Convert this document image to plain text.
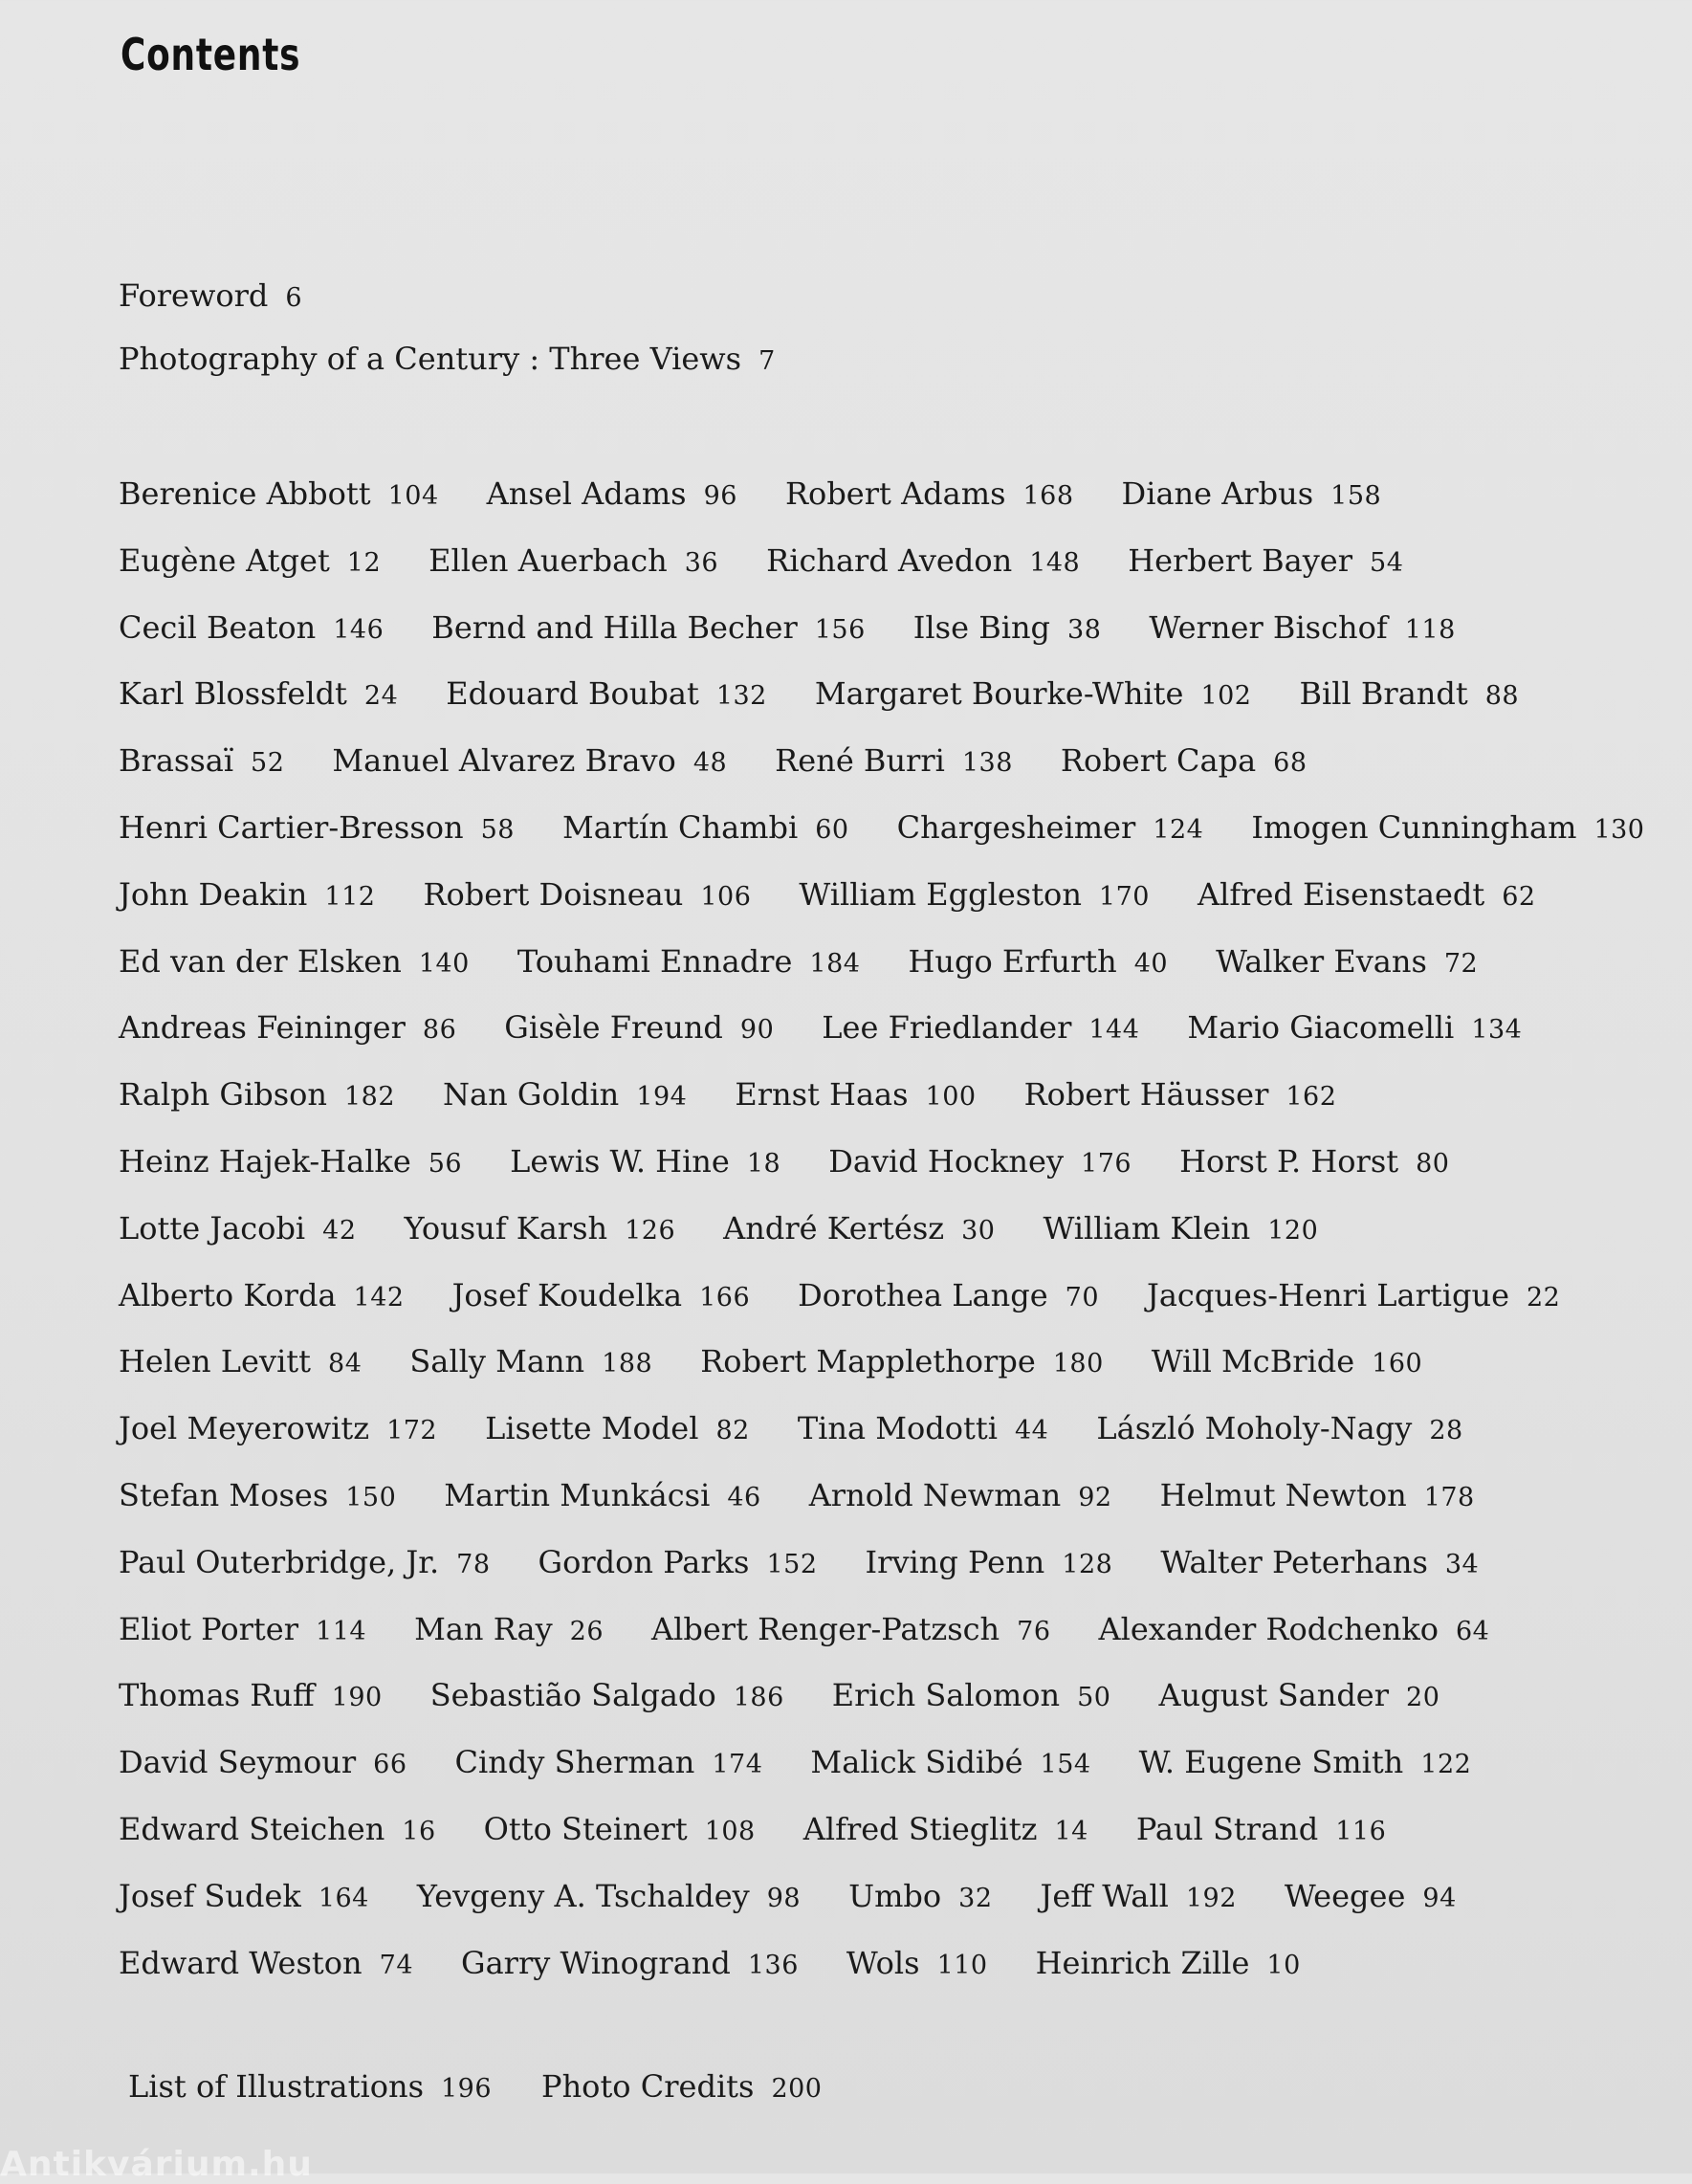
Contents
Foreword 6
Photography of a Century : Three Views 7
Berenice Abbott 104 Ansel Adams 96 Robert Adams 168 Diane Arbus 158
Eugène Atget 12 Ellen Auerbach 36 Richard Avedon 148 Herbert Bayer 54
Cecil Beaton 146 Bernd and Hilla Becher 156 Ilse Bing 38 Werner Bischof 118
Karl Blossfeldt 24 Edouard Boubat 132 Margaret Bourke-White 102 Bill Brandt 88
Brassaï 52 Manuel Alvarez Bravo 48 René Burri 138 Robert Capa 68
Henri Cartier-Bresson 58 Martín Chambi 60 Chargesheimer 124 Imogen Cunningham 130
John Deakin 112 Robert Doisneau 106 William Eggleston 170 Alfred Eisenstaedt 62
Ed van der Elsken 140 Touhami Ennadre 184 Hugo Erfurth 40 Walker Evans 72
Andreas Feininger 86 Gisèle Freund 90 Lee Friedlander 144 Mario Giacomelli 134
Ralph Gibson 182 Nan Goldin 194 Ernst Haas 100 Robert Häusser 162
Heinz Hajek-Halke 56 Lewis W. Hine 18 David Hockney 176 Horst P. Horst 80
Lotte Jacobi 42 Yousuf Karsh 126 André Kertész 30 William Klein 120
Alberto Korda 142 Josef Koudelka 166 Dorothea Lange 70 Jacques-Henri Lartigue 22
Helen Levitt 84 Sally Mann 188 Robert Mapplethorpe 180 Will McBride 160
Joel Meyerowitz 172 Lisette Model 82 Tina Modotti 44 László Moholy-Nagy 28
Stefan Moses 150 Martin Munkácsi 46 Arnold Newman 92 Helmut Newton 178
Paul Outerbridge, Jr. 78 Gordon Parks 152 Irving Penn 128 Walter Peterhans 34
Eliot Porter 114 Man Ray 26 Albert Renger-Patzsch 76 Alexander Rodchenko 64
Thomas Ruff 190 Sebastião Salgado 186 Erich Salomon 50 August Sander 20
David Seymour 66 Cindy Sherman 174 Malick Sidibé 154 W. Eugene Smith 122
Edward Steichen 16 Otto Steinert 108 Alfred Stieglitz 14 Paul Strand 116
Josef Sudek 164 Yevgeny A. Tschaldey 98 Umbo 32 Jeff Wall 192 Weegee 94
Edward Weston 74 Garry Winogrand 136 Wols 110 Heinrich Zille 10
List of Illustrations 196 Photo Credits 200
Antikvárium.hu
